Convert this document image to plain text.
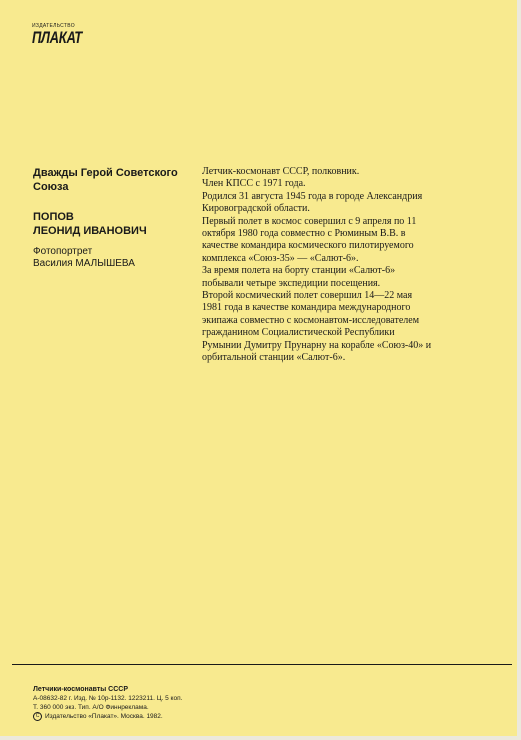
ИЗДАТЕЛЬСТВО
ПЛАКАТ

Дважды Герой Советского Союза

ПОПОВ
ЛЕОНИД ИВАНОВИЧ

Фотопортрет
Василия МАЛЫШЕВА

Летчик-космонавт СССР, полковник.

Член КПСС с 1971 года.

Родился 31 августа 1945 года в городе Александрия Кировоградской области.

Первый полет в космос совершил с 9 апреля по 11 октября 1980 года совместно с Рюминым В.В. в качестве командира космического пилотируемого комплекса «Союз-35» — «Салют-6».

За время полета на борту станции «Салют-6» побывали четыре экспедиции посещения.

Второй космический полет совершил 14—22 мая 1981 года в качестве командира международного экипажа совместно с космонавтом-исследователем гражданином Социалистической Республики Румынии Думитру Прунарну на корабле «Союз-40» и орбитальной станции «Салют-6».

Летчики-космонавты СССР
А-08632-82 г. Изд. № 10р-1132. 1223211. Ц. 5 коп.
Т. 360 000 экз. Тип. А/О Финнреклама.
С Издательство «Плакат». Москва. 1982.
